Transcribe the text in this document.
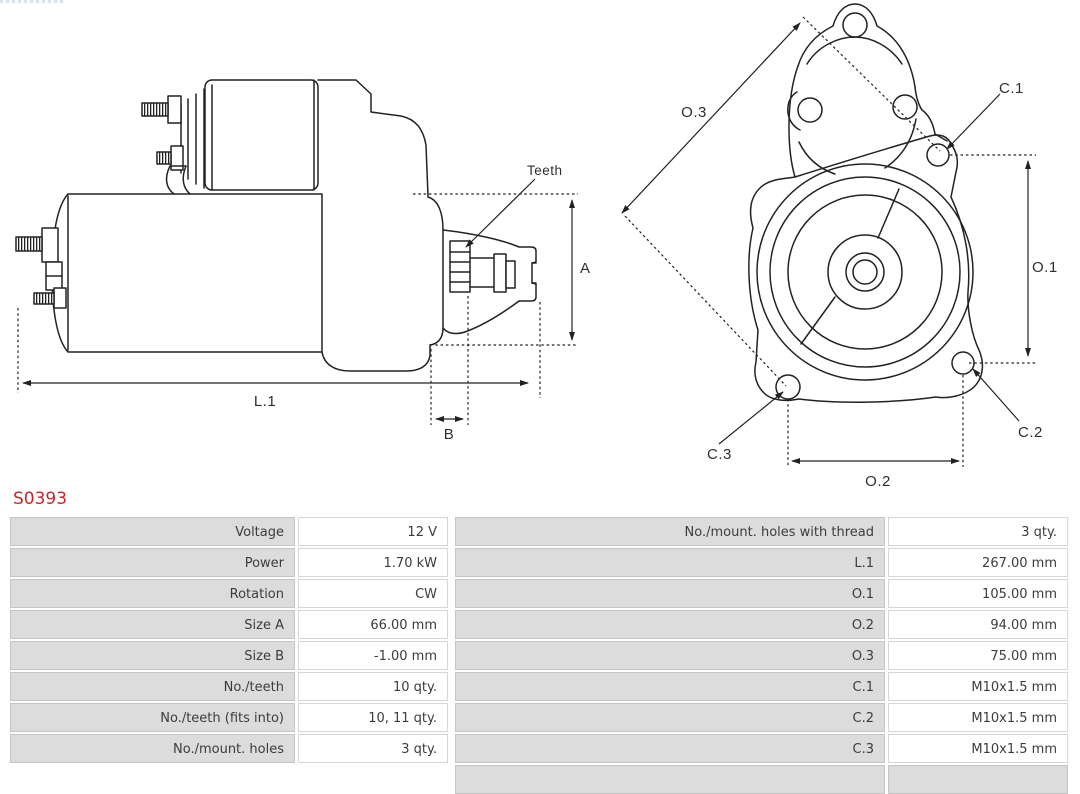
Teeth
A
L.1
B
O.3
C.1
O.1
C.2
C.3
O.2
S0393
Voltage	12 V
Power	1.70 kW
Rotation	CW
Size A	66.00 mm
Size B	-1.00 mm
No./teeth	10 qty.
No./teeth (fits into)	10, 11 qty.
No./mount. holes	3 qty.
No./mount. holes with thread	3 qty.
L.1	267.00 mm
O.1	105.00 mm
O.2	94.00 mm
O.3	75.00 mm
C.1	M10x1.5 mm
C.2	M10x1.5 mm
C.3	M10x1.5 mm
